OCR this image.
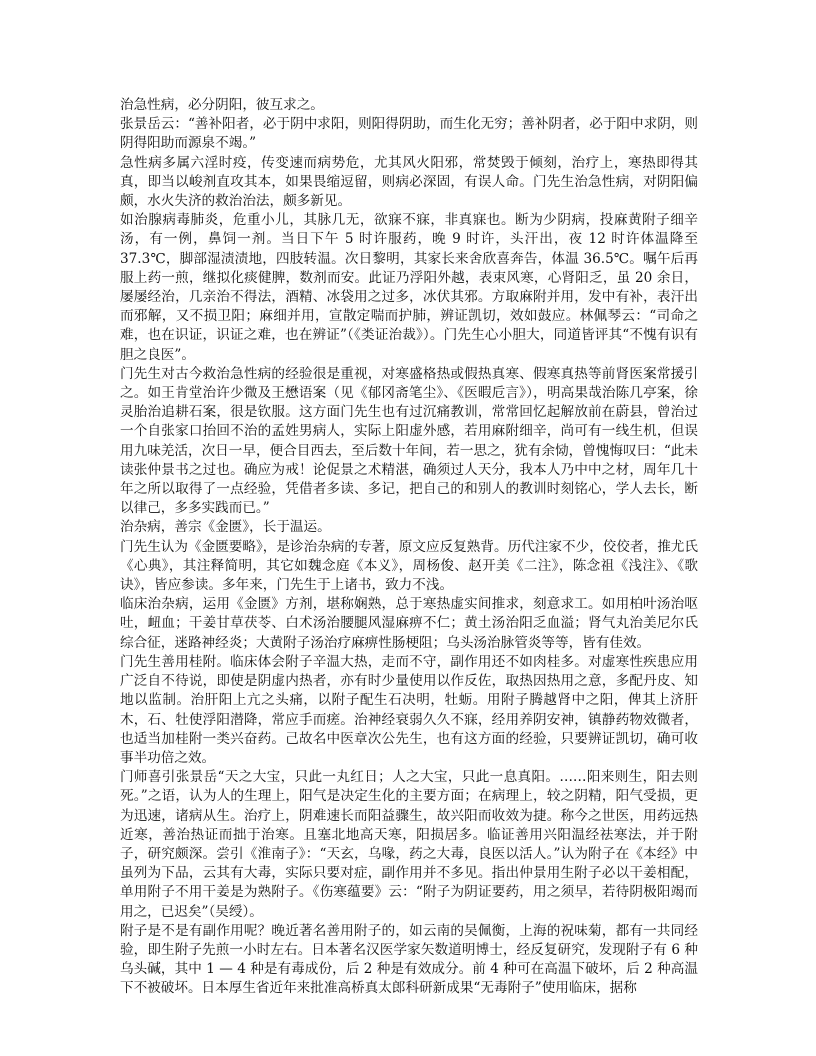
治急性病，必分阴阳，彼互求之。

张景岳云：“善补阳者，必于阴中求阳，则阳得阴助，而生化无穷；善补阴者，必于阳中求阴，则阴得阳助而源泉不竭。”

急性病多属六淫时疫，传变速而病势危，尤其风火阳邪，常焚毁于倾刻，治疗上，寒热即得其真，即当以峻剂直攻其本，如果畏缩逗留，则病必深固，有误人命。门先生治急性病，对阴阳偏颇，水火失济的救治治法，颇多新见。

如治腺病毒肺炎，危重小儿，其脉几无，欲寐不寐，非真寐也。断为少阴病，投麻黄附子细辛汤，有一例，鼻饲一剂。当日下午 5 时许服药，晚 9 时许，头汗出，夜 12 时许体温降至 37.3℃，脚部湿渍渍地，四肢转温。次日黎明，其家长来舍欣喜奔告，体温 36.5℃。嘱午后再服上药一煎，继拟化痰健脾，数剂而安。此证乃浮阳外越，表束风寒，心肾阳乏，虽 20 余日，屡屡经治，几亲治不得法，酒精、冰袋用之过多，冰伏其邪。方取麻附并用，发中有补，表汗出而邪解，又不损卫阳；麻细并用，宣散定喘而护肺，辨证凯切，效如鼓应。林佩琴云：“司命之难，也在识证，识证之难，也在辨证”（《类证治裁》）。门先生心小胆大，同道皆评其“不愧有识有胆之良医”。

门先生对古今救治急性病的经验很是重视，对寒盛格热或假热真寒、假寒真热等前肾医案常援引之。如王肯堂治许少微及王懋语案（见《郁冈斋笔尘》、《医暇卮言》），明高果哉治陈几亭案，徐灵胎治追耕石案，很是钦服。这方面门先生也有过沉痛教训，常常回忆起解放前在蔚县，曾治过一个自张家口抬回不治的孟姓男病人，实际上阳虚外感，若用麻附细辛，尚可有一线生机，但误用九味羌活，次日一早，便合目西去，至后数十年间，若一思之，犹有余恸，曾愧悔叹曰：“此未读张仲景书之过也。确应为戒！论促景之术精湛，确须过人天分，我本人乃中中之材，周年几十年之所以取得了一点经验，凭借者多读、多记，把自己的和别人的教训时刻铭心，学人去长，断以律己，多多实践而已。”

治杂病，善宗《金匮》，长于温运。

门先生认为《金匮要略》，是诊治杂病的专著，原文应反复熟背。历代注家不少，佼佼者，推尤氏《心典》，其注释简明，其它如魏念庭《本义》，周杨俊、赵开美《二注》，陈念祖《浅注》、《歌诀》，皆应参读。多年来，门先生于上诸书，致力不浅。

临床治杂病，运用《金匮》方剂，堪称娴熟，总于寒热虚实间推求，刻意求工。如用柏叶汤治呕吐，衄血；干姜甘草茯苓、白术汤治腰腿风湿麻痹不仁；黄土汤治阳乏血溢；肾气丸治美尼尔氏综合征，迷路神经炎；大黄附子汤治疗麻痹性肠梗阻；乌头汤治脉管炎等等，皆有佳效。

门先生善用桂附。临床体会附子辛温大热，走而不守，副作用还不如肉桂多。对虚寒性疾患应用广泛自不待说，即使是阴虚内热者，亦有时少量使用以作反佐，取热因热用之意，多配丹皮、知地以监制。治肝阳上亢之头痛，以附子配生石决明，牡蛎。用附子腾越肾中之阳，俾其上济肝木，石、牡使浮阳潜降，常应手而瘥。治神经衰弱久久不寐，经用养阴安神，镇静药物效微者，也适当加桂附一类兴奋药。己故名中医章次公先生，也有这方面的经验，只要辨证凯切，确可收事半功倍之效。

门师喜引张景岳“天之大宝，只此一丸红日；人之大宝，只此一息真阳。……阳来则生，阳去则死。”之语，认为人的生理上，阳气是决定生化的主要方面；在病理上，较之阴精，阳气受损，更为迅速，诸病从生。治疗上，阴难速长而阳益骤生，故兴阳而收效为捷。称今之世医，用药远热近寒，善治热证而拙于治寒。且塞北地高天寒，阳损居多。临证善用兴阳温经祛寒法，并于附子，研究颇深。尝引《淮南子》：“天玄，乌喙，药之大毒，良医以活人。”认为附子在《本经》中虽列为下品，云其有大毒，实际只要对症，副作用并不多见。指出仲景用生附子必以干姜相配，单用附子不用干姜是为熟附子。《伤寒蕴要》云：“附子为阴证要药，用之须早，若待阴极阳竭而用之，已迟矣”（吴绶）。

附子是不是有副作用呢？晚近著名善用附子的，如云南的吴佩衡，上海的祝味菊，都有一共同经验，即生附子先煎一小时左右。日本著名汉医学家矢数道明博士，经反复研究，发现附子有 6 种乌头碱，其中 1 — 4 种是有毒成份，后 2 种是有效成分。前 4 种可在高温下破坏，后 2 种高温下不被破坏。日本厚生省近年来批准高桥真太郎科研新成果“无毒附子”使用临床，据称
